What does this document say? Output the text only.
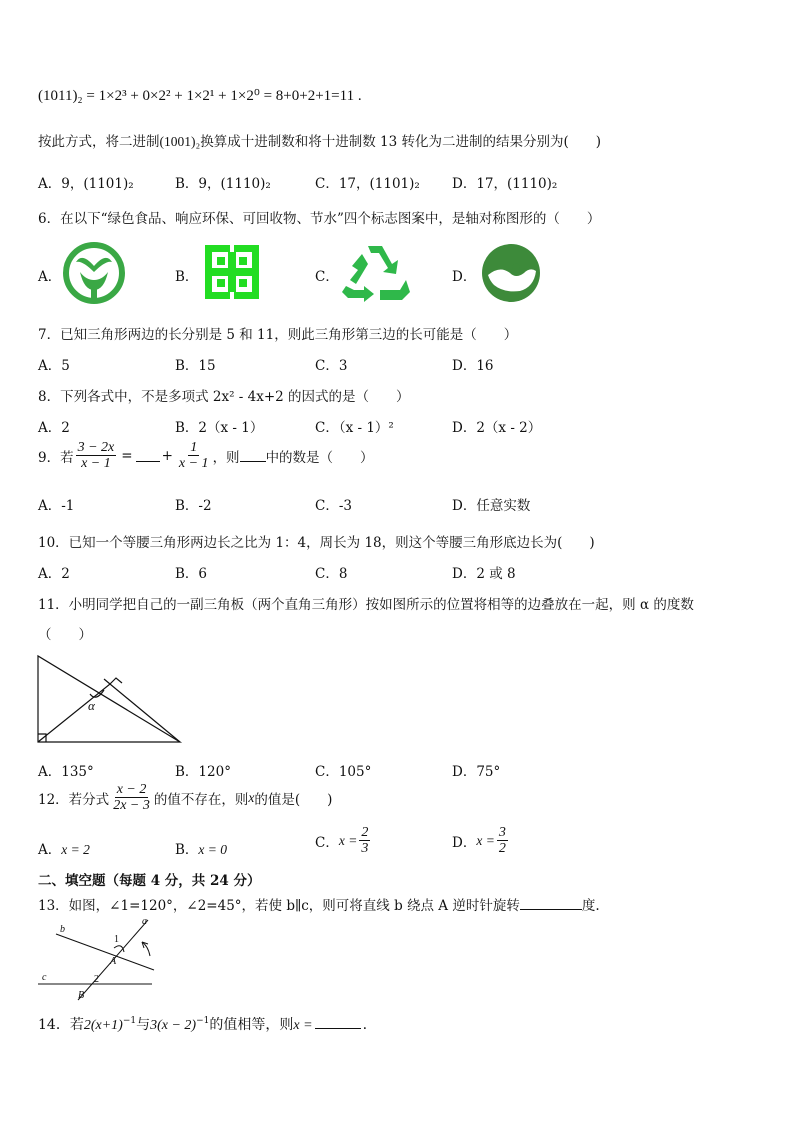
(1011)₂ = 1×2³ + 0×2² + 1×2¹ + 1×2⁰ = 8+0+2+1=11 .
按此方式，将二进制(1001)₂换算成十进制数和将十进制数 13 转化为二进制的结果分别为(　　)
A．9，(1101)₂	B．9，(1110)₂	C．17，(1101)₂ D．17，(1110)₂
6．在以下“绿色食品、响应环保、可回收物、节水”四个标志图案中，是轴对称图形的（　　）
A．	B．	C．	D．
7．已知三角形两边的长分别是 5 和 11，则此三角形第三边的长可能是（　　）
A．5	B．15	C．3	D．16
8．下列各式中，不是多项式 2x² - 4x+2 的因式的是（　　）
A．2	B．2（x - 1）	C．（x - 1）²	D．2（x - 2）
9．若 $\frac{3 - 2x}{x - 1}$ = + $\frac{1}{x - 1}$ ，则 中的数是（　　）
A．-1	B．-2	C．-3	D．任意实数
10．已知一个等腰三角形两边长之比为 1：4，周长为 18，则这个等腰三角形底边长为(　　)
A．2	B．6	C．8	D．2 或 8
11．小明同学把自己的一副三角板（两个直角三角形）按如图所示的位置将相等的边叠放在一起，则 α 的度数
（　　）
α
A．135°	B．120°	C．105°	D．75°
12．若分式 $\frac{x - 2}{2x - 3}$ 的值不存在，则 x 的值是(　　)
A．x = 2	B．x = 0	C． $x = \frac{2}{3}$	D． $x = \frac{3}{2}$
二、填空题（每题 4 分，共 24 分）
13．如图，∠1=120°，∠2=45°，若使 b∥c，则可将直线 b 绕点 A 逆时针旋转	度.
a
b
c
1
2
A
B
14．若$2(x+1)^{-1}$与$3(x - 2)^{-1}$的值相等，则x =	.
